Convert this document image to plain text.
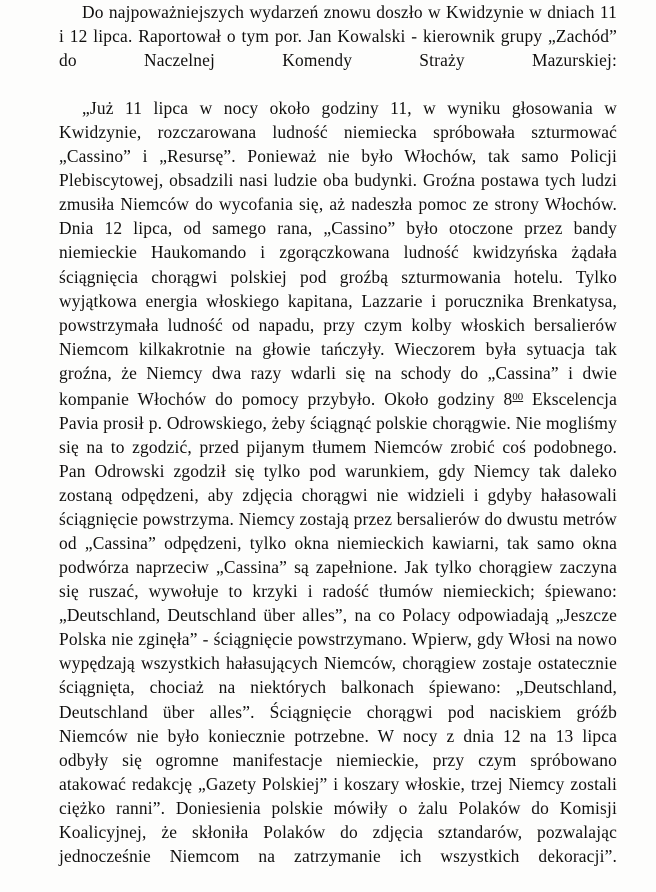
Do najpoważniejszych wydarzeń znowu doszło w Kwidzynie w dniach 11 i 12 lipca. Raportował o tym por. Jan Kowalski - kierownik grupy „Zachód” do Naczelnej Komendy Straży Mazurskiej:

„Już 11 lipca w nocy około godziny 11, w wyniku głosowania w Kwidzynie, rozczarowana ludność niemiecka spróbowała szturmować „Cassino” i „Resursę”. Ponieważ nie było Włochów, tak samo Policji Plebiscytowej, obsadzili nasi ludzie oba budynki. Groźna postawa tych ludzi zmusiła Niemców do wycofania się, aż nadeszła pomoc ze strony Włochów. Dnia 12 lipca, od samego rana, „Cassino” było otoczone przez bandy niemieckie Haukomando i zgorączkowana ludność kwidzyńska żądała ściągnięcia chorągwi polskiej pod groźbą szturmowania hotelu. Tylko wyjątkowa energia włoskiego kapitana, Lazzarie i porucznika Brenkatysa, powstrzymała ludność od napadu, przy czym kolby włoskich bersalierów Niemcom kilkakrotnie na głowie tańczyły. Wieczorem była sytuacja tak groźna, że Niemcy dwa razy wdarli się na schody do „Cassina” i dwie kompanie Włochów do pomocy przybyło. Około godziny $8^{00}$ Ekscelencja Pavia prosił p. Odrowskiego, żeby ściągnąć polskie chorągwie. Nie mogliśmy się na to zgodzić, przed pijanym tłumem Niemców zrobić coś podobnego. Pan Odrowski zgodził się tylko pod warunkiem, gdy Niemcy tak daleko zostaną odpędzeni, aby zdjęcia chorągwi nie widzieli i gdyby hałasowali ściągnięcie powstrzyma. Niemcy zostają przez bersalierów do dwustu metrów od „Cassina” odpędzeni, tylko okna niemieckich kawiarni, tak samo okna podwórza naprzeciw „Cassina” są zapełnione. Jak tylko chorągiew zaczyna się ruszać, wywołuje to krzyki i radość tłumów niemieckich; śpiewano: „Deutschland, Deutschland über alles”, na co Polacy odpowiadają „Jeszcze Polska nie zginęła” - ściągnięcie powstrzymano. Wpierw, gdy Włosi na nowo wypędzają wszystkich hałasujących Niemców, chorągiew zostaje ostatecznie ściągnięta, chociaż na niektórych balkonach śpiewano: „Deutschland, Deutschland über alles”. Ściągnięcie chorągwi pod naciskiem gróźb Niemców nie było koniecznie potrzebne. W nocy z dnia 12 na 13 lipca odbyły się ogromne manifestacje niemieckie, przy czym spróbowano atakować redakcję „Gazety Polskiej” i koszary włoskie, trzej Niemcy zostali ciężko ranni”. Doniesienia polskie mówiły o żalu Polaków do Komisji Koalicyjnej, że skłoniła Polaków do zdjęcia sztandarów, pozwalając jednocześnie Niemcom na zatrzymanie ich wszystkich dekoracji”.
